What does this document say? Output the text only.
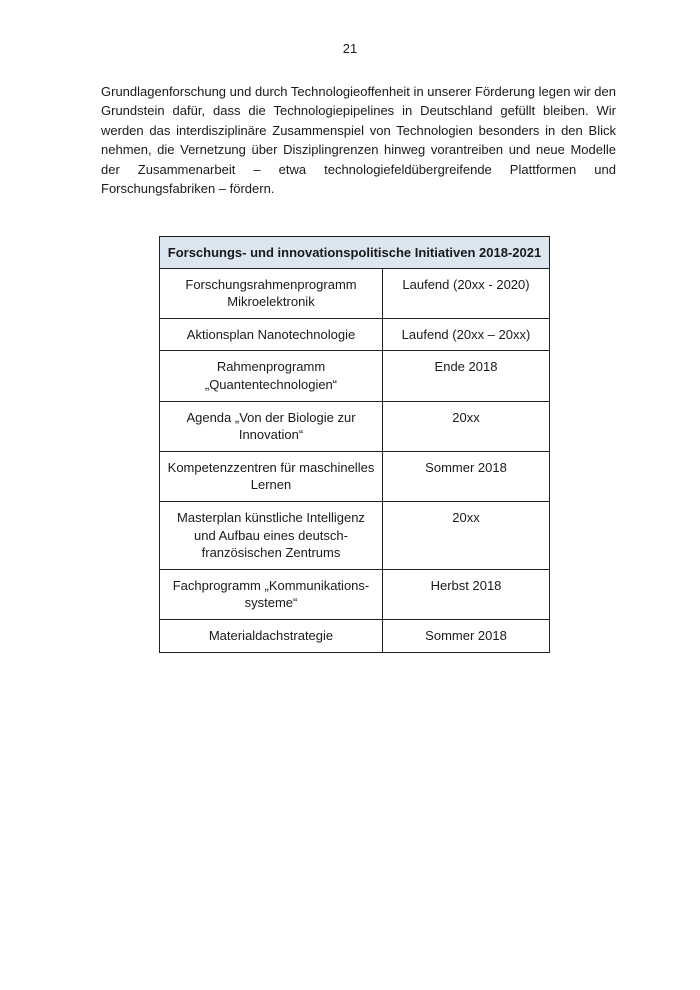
21

Grundlagenforschung und durch Technologieoffenheit in unserer Förderung legen wir den Grundstein dafür, dass die Technologiepipelines in Deutschland gefüllt bleiben. Wir werden das interdisziplinäre Zusammenspiel von Technologien besonders in den Blick nehmen, die Vernetzung über Disziplingrenzen hinweg vorantreiben und neue Modelle der Zusammenarbeit – etwa technologiefeldübergreifende Plattformen und Forschungsfabriken – fördern.

Forschungs- und innovationspolitische Initiativen 2018-2021	
Forschungsrahmenprogramm Mikroelektronik	Laufend (20xx - 2020)
Aktionsplan Nanotechnologie	Laufend (20xx – 20xx)
Rahmenprogramm „Quantentechnologien“	Ende 2018
Agenda „Von der Biologie zur Innovation“	20xx
Kompetenzzentren für maschinelles Lernen	Sommer 2018
Masterplan künstliche Intelligenz und Aufbau eines deutsch-französischen Zentrums	20xx
Fachprogramm „Kommunikations-systeme“	Herbst 2018
Materialdachstrategie	Sommer 2018
